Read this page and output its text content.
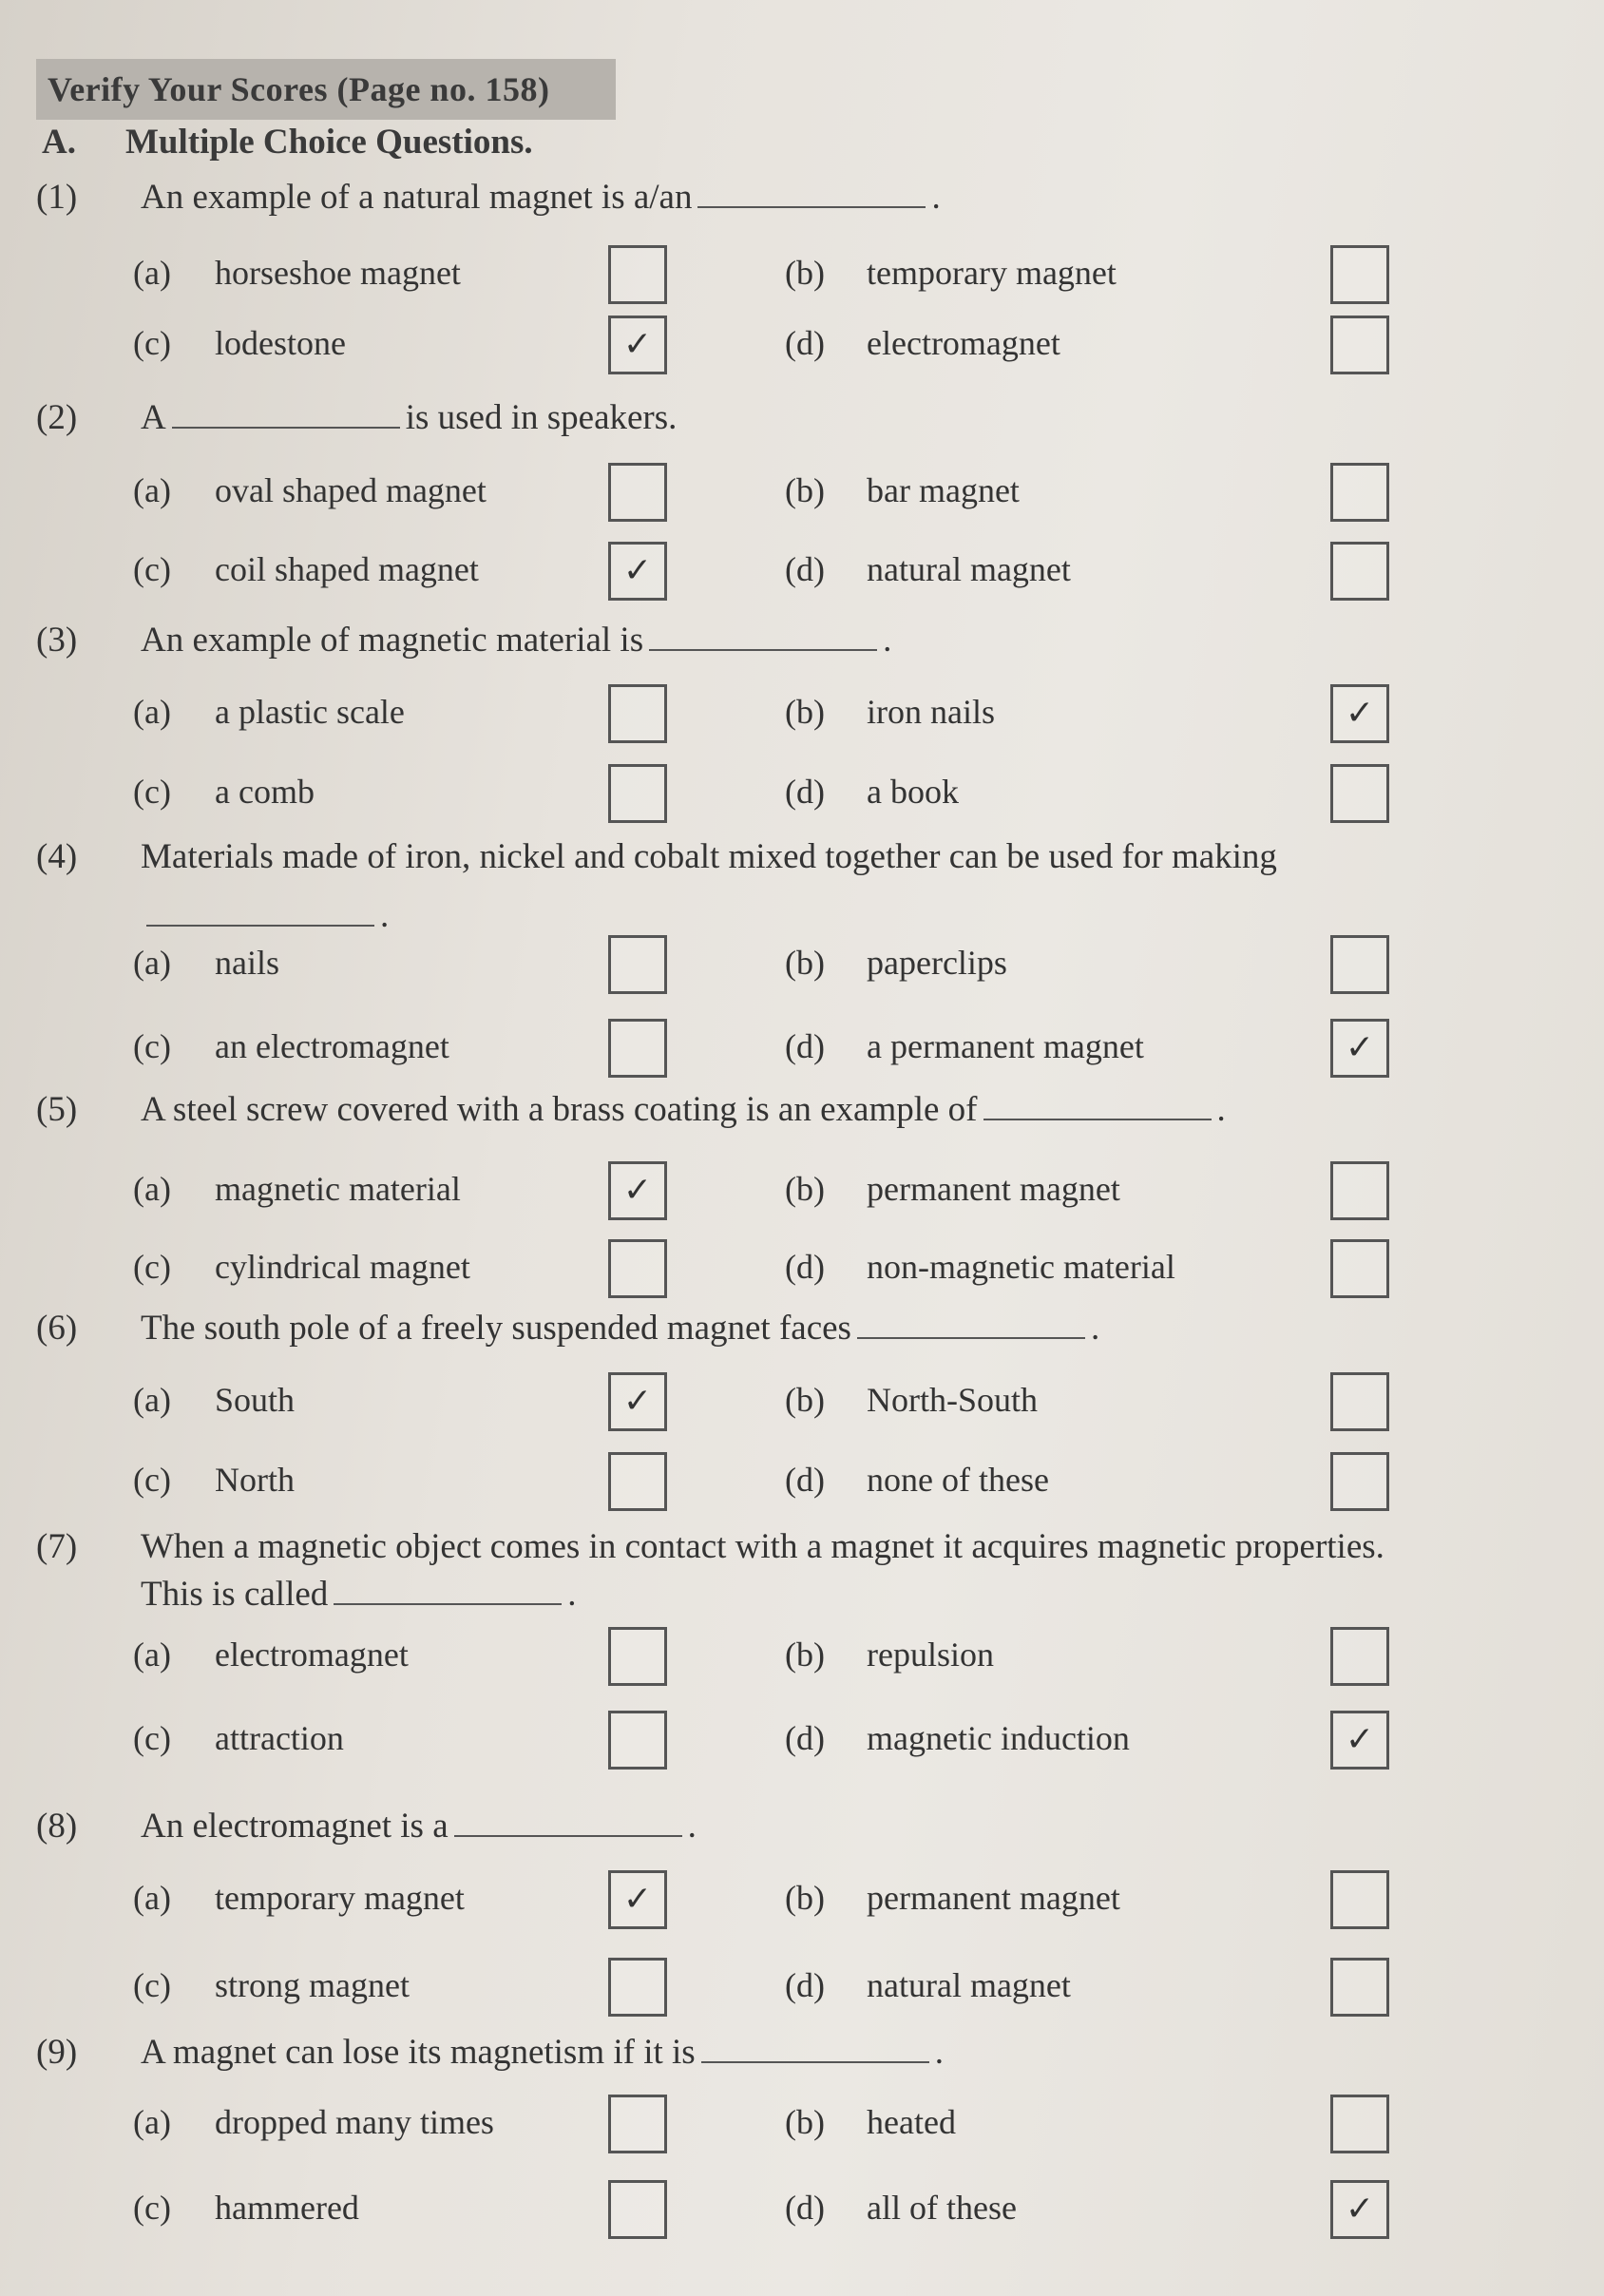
Verify Your Scores (Page no. 158)
A. Multiple Choice Questions.
(1) An example of a natural magnet is a/an	.
(a) horseshoe magnet	(b) temporary magnet
(c) lodestone	✓	(d) electromagnet
(2) A	is used in speakers.
(a) oval shaped magnet	(b) bar magnet
(c) coil shaped magnet	✓	(d) natural magnet
(3) An example of magnetic material is	.
(a) a plastic scale	(b) iron nails	✓
(c) a comb	(d) a book
(4) Materials made of iron, nickel and cobalt mixed together can be used for making
.
(a) nails	(b) paperclips
(c) an electromagnet	(d) a permanent magnet	✓
(5) A steel screw covered with a brass coating is an example of	.
(a) magnetic material	✓	(b) permanent magnet
(c) cylindrical magnet	(d) non-magnetic material
(6) The south pole of a freely suspended magnet faces	.
(a) South	✓	(b) North-South
(c) North	(d) none of these
(7) When a magnetic object comes in contact with a magnet it acquires magnetic properties.
This is called	.
(a) electromagnet	(b) repulsion
(c) attraction	(d) magnetic induction	✓
(8) An electromagnet is a	.
(a) temporary magnet	✓	(b) permanent magnet
(c) strong magnet	(d) natural magnet
(9) A magnet can lose its magnetism if it is	.
(a) dropped many times	(b) heated
(c) hammered	(d) all of these	✓
